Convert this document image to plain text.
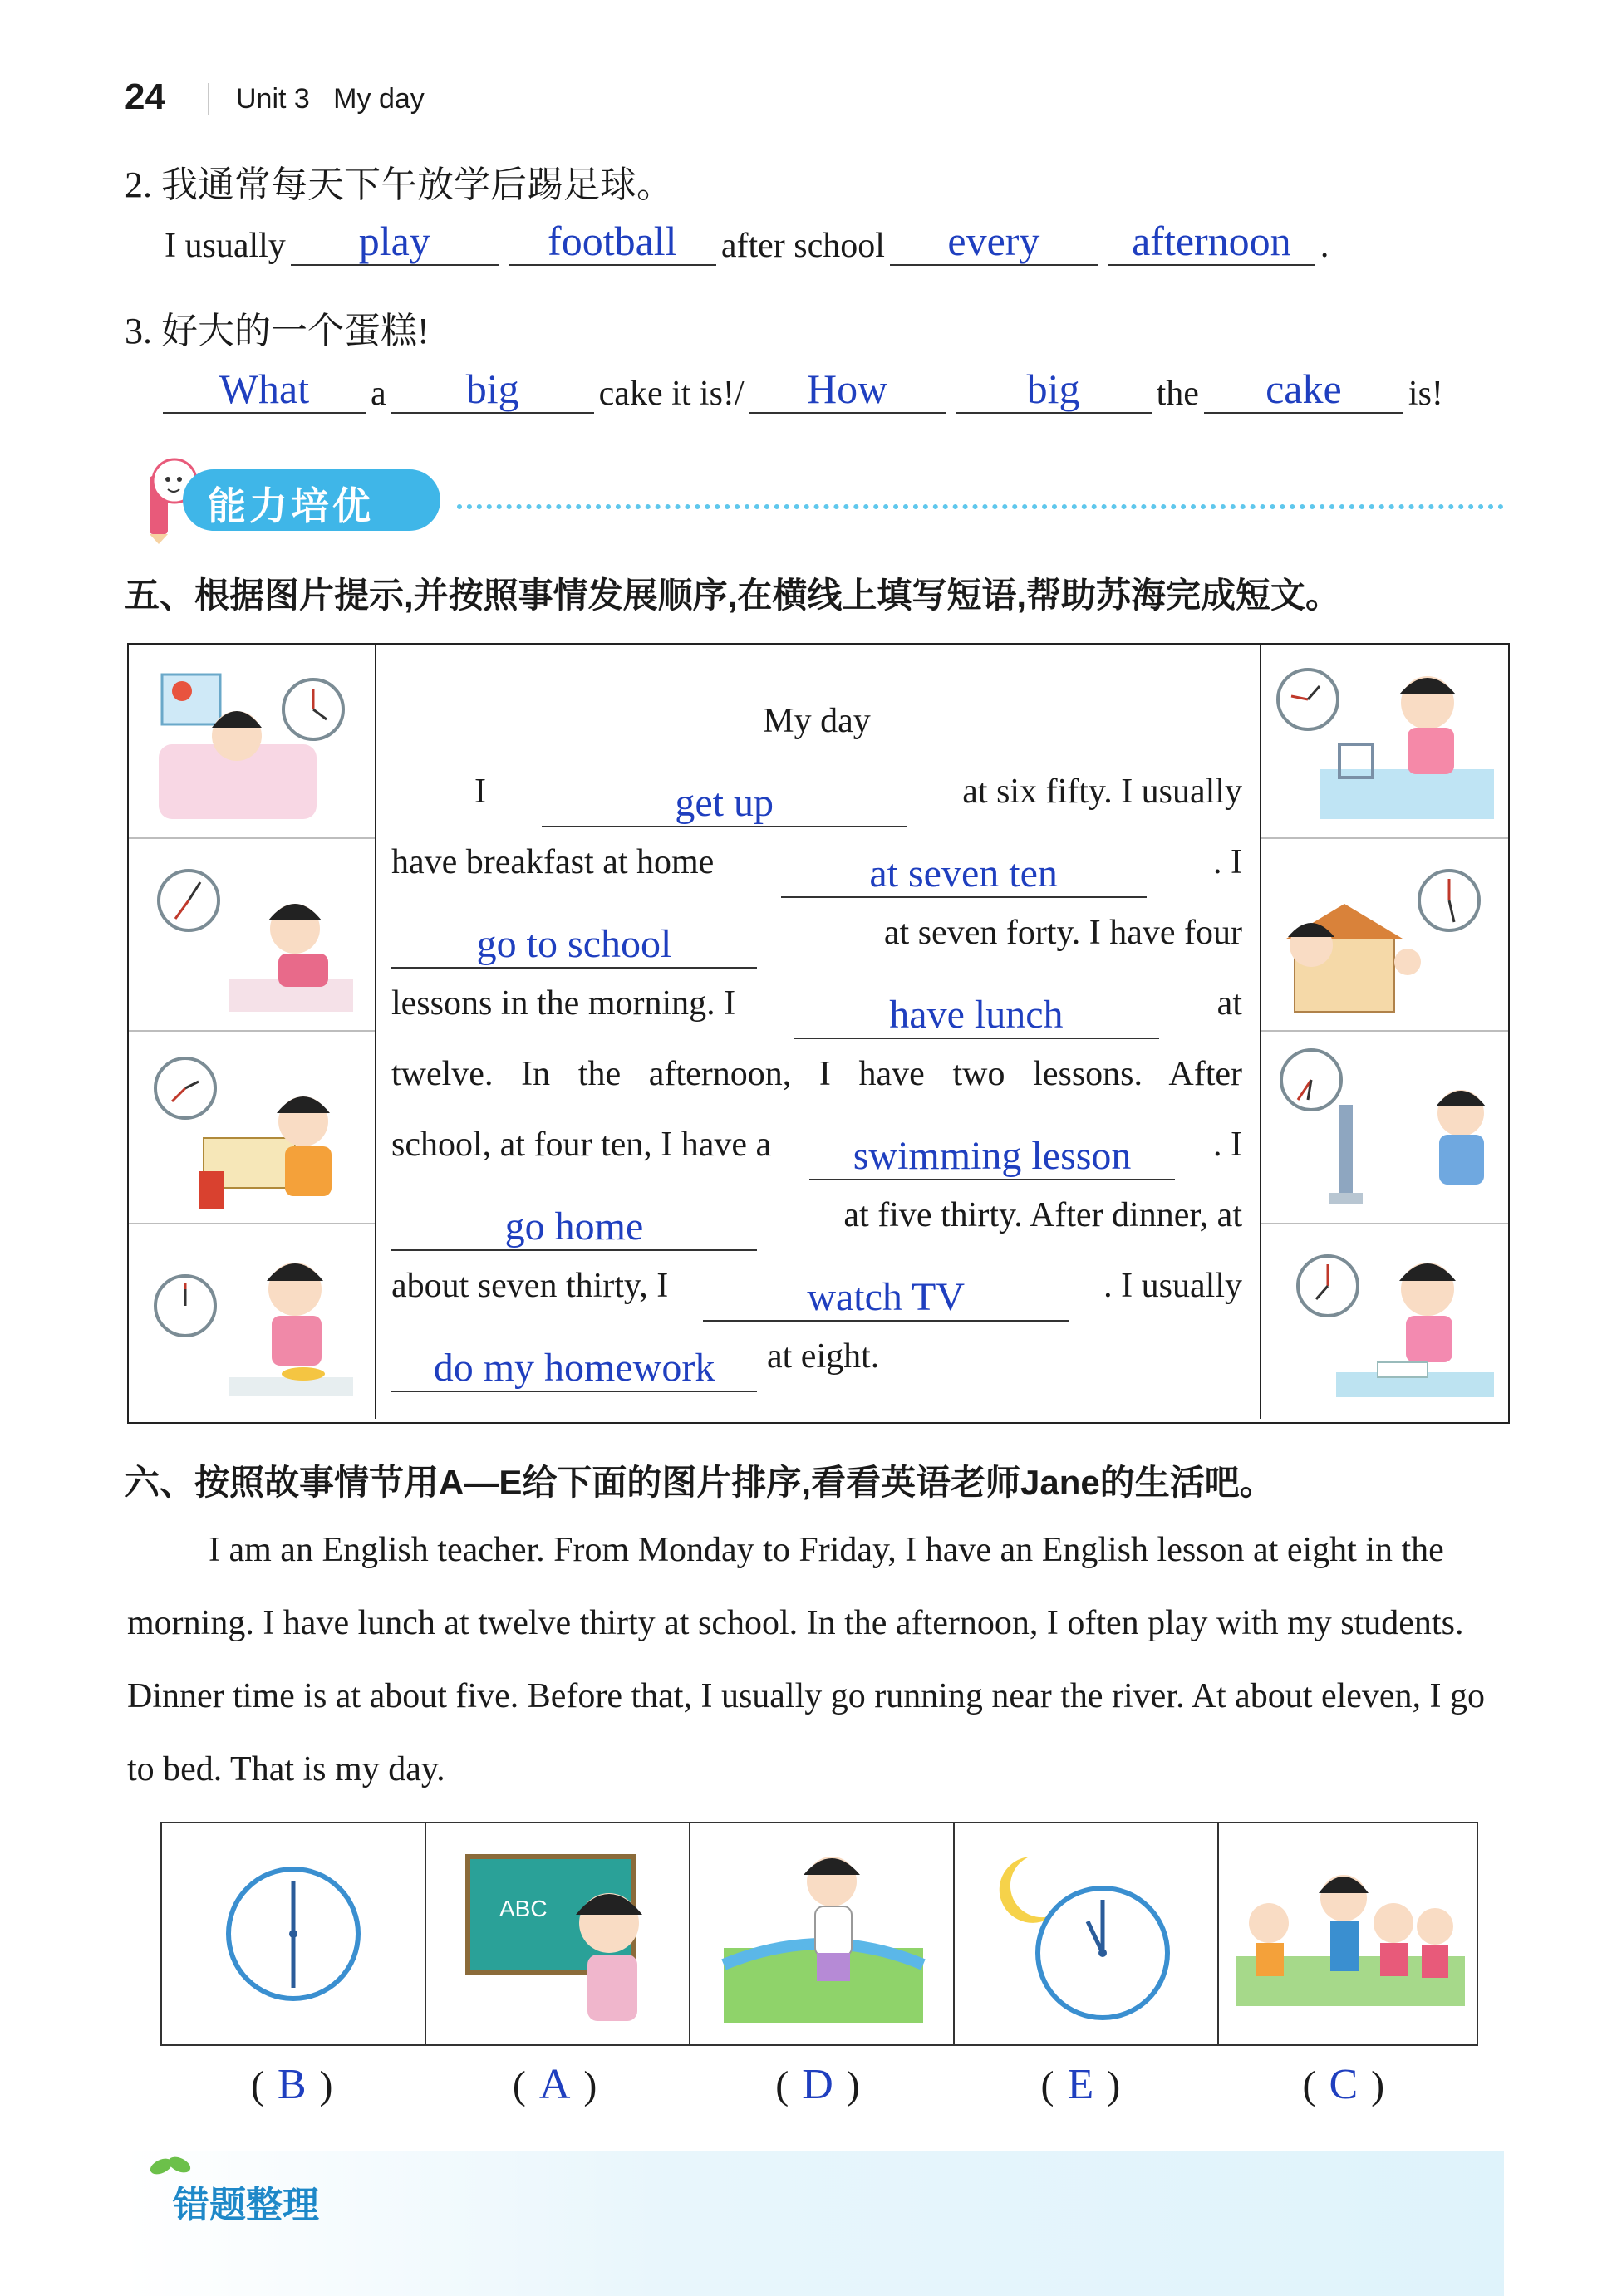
24	Unit 3 My day
2. 我通常每天下午放学后踢足球。
I usually	play	football	after school	every	afternoon .
3. 好大的一个蛋糕!
What	a	big	cake it is!/	How	big	the	cake	is!
能力培优
五、根据图片提示,并按照事情发展顺序,在横线上填写短语,帮助苏海完成短文。
My day
I	get up	at six fifty. I usually
have breakfast at home	at seven ten	. I
go to school	at seven forty. I have four
lessons in the morning. I	have lunch	at
twelve. In the afternoon, I have two lessons. After
school, at four ten, I have a	swimming lesson	. I
go home	at five thirty. After dinner, at
about seven thirty, I	watch TV	. I usually
do my homework	at eight.
六、按照故事情节用A—E给下面的图片排序,看看英语老师Jane的生活吧。
I am an English teacher. From Monday to Friday, I have an English lesson at eight in the morning. I have lunch at twelve thirty at school. In the afternoon, I often play with my students. Dinner time is at about five. Before that, I usually go running near the river. At about eleven, I go to bed. That is my day.
ABC
( B )	( A )	( D )	( E )	( C )
错题整理
